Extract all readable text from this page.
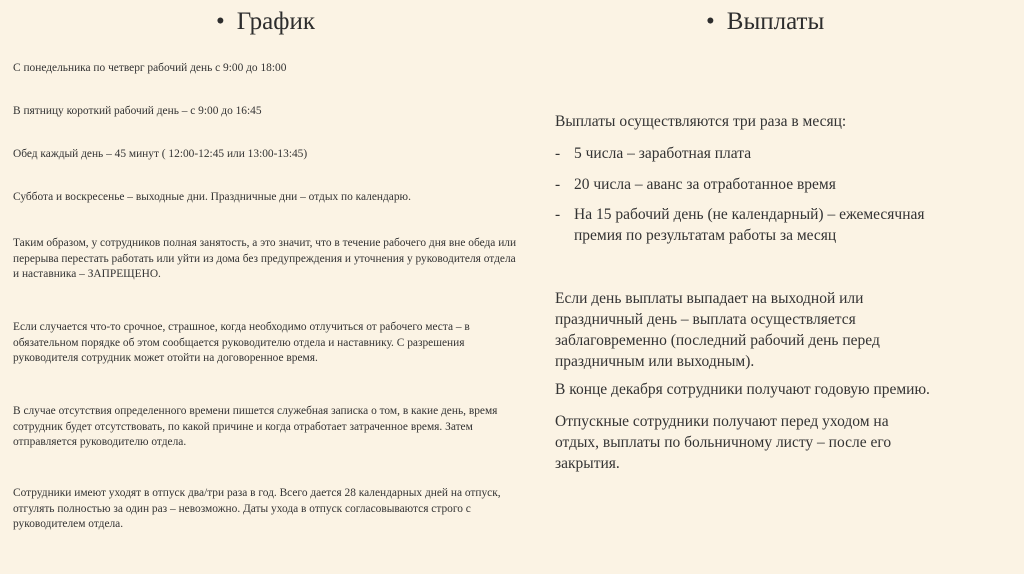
• График	• Выплаты
С понедельника по четверг рабочий день с 9:00 до 18:00
В пятницу короткий рабочий день – с 9:00 до 16:45
Обед каждый день – 45 минут ( 12:00-12:45 или 13:00-13:45)
Суббота и воскресенье – выходные дни. Праздничные дни – отдых по календарю.
Таким образом, у сотрудников полная занятость, а это значит, что в течение рабочего дня вне обеда или перерыва перестать работать или уйти из дома без предупреждения и уточнения у руководителя отдела и наставника – ЗАПРЕЩЕНО.
Если случается что-то срочное, страшное, когда необходимо отлучиться от рабочего места – в обязательном порядке об этом сообщается руководителю отдела и наставнику. С разрешения руководителя сотрудник может отойти на договоренное время.
В случае отсутствия определенного времени пишется служебная записка о том, в какие день, время сотрудник будет отсутствовать, по какой причине и когда отработает затраченное время. Затем отправляется руководителю отдела.
Сотрудники имеют уходят в отпуск два/три раза в год. Всего дается 28 календарных дней на отпуск, отгулять полностью за один раз – невозможно. Даты ухода в отпуск согласовываются строго с руководителем отдела.
Выплаты осуществляются три раза в месяц:
- 5 числа – заработная плата
- 20 числа – аванс за отработанное время
- На 15 рабочий день (не календарный) – ежемесячная премия по результатам работы за месяц
Если день выплаты выпадает на выходной или праздничный день – выплата осуществляется заблаговременно (последний рабочий день перед праздничным или выходным).
В конце декабря сотрудники получают годовую премию.
Отпускные сотрудники получают перед уходом на отдых, выплаты по больничному листу – после его закрытия.
